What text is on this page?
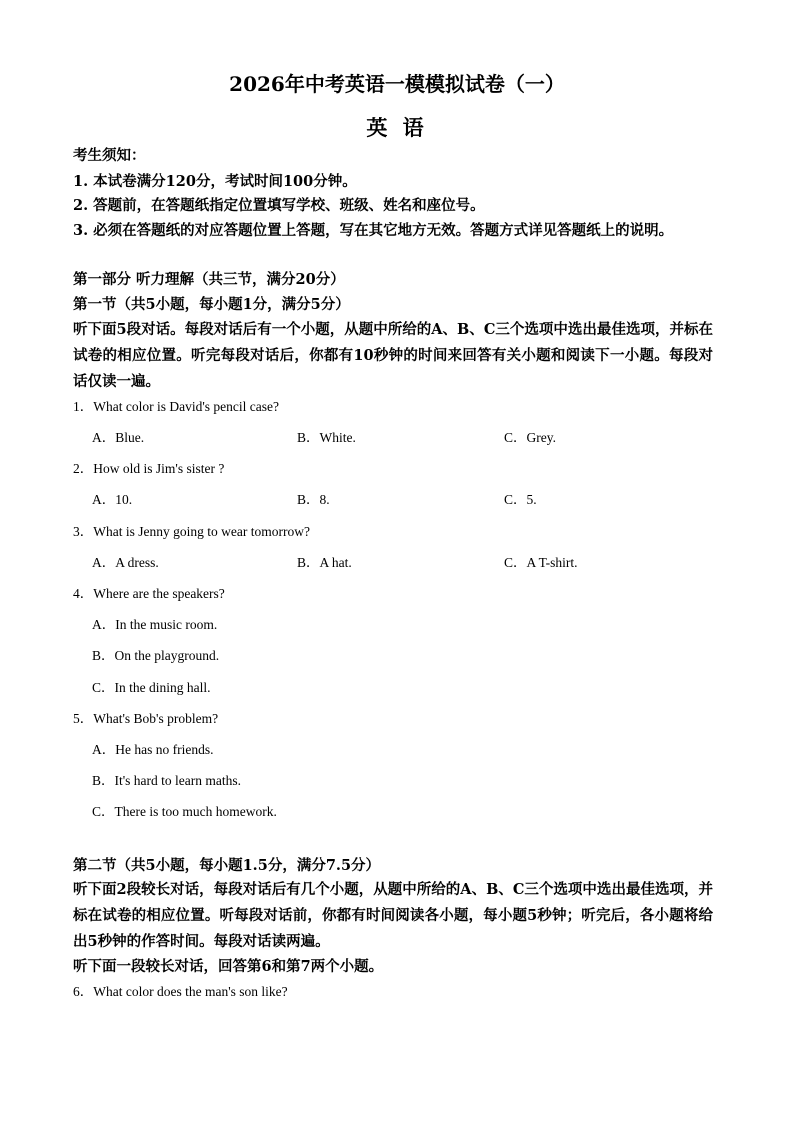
2026年中考英语一模模拟试卷（一）
英 语
考生须知：
1. 本试卷满分120分，考试时间100分钟。
2. 答题前，在答题纸指定位置填写学校、班级、姓名和座位号。
3. 必须在答题纸的对应答题位置上答题，写在其它地方无效。答题方式详见答题纸上的说明。
第一部分 听力理解（共三节，满分20分）
第一节（共5小题，每小题1分，满分5分）
听下面5段对话。每段对话后有一个小题，从题中所给的A、B、C三个选项中选出最佳选项，并标在试卷的相应位置。听完每段对话后，你都有10秒钟的时间来回答有关小题和阅读下一小题。每段对话仅读一遍。
1．What color is David's pencil case?
A．Blue.	B．White.	C．Grey.
2．How old is Jim's sister ?
A．10.	B．8.	C．5.
3．What is Jenny going to wear tomorrow?
A．A dress.	B．A hat.	C．A T-shirt.
4．Where are the speakers?
A．In the music room.
B．On the playground.
C．In the dining hall.
5．What's Bob's problem?
A．He has no friends.
B．It's hard to learn maths.
C．There is too much homework.
第二节（共5小题，每小题1.5分，满分7.5分）
听下面2段较长对话，每段对话后有几个小题，从题中所给的A、B、C三个选项中选出最佳选项，并标在试卷的相应位置。听每段对话前，你都有时间阅读各小题，每小题5秒钟；听完后，各小题将给出5秒钟的作答时间。每段对话读两遍。
听下面一段较长对话，回答第6和第7两个小题。
6．What color does the man's son like?
